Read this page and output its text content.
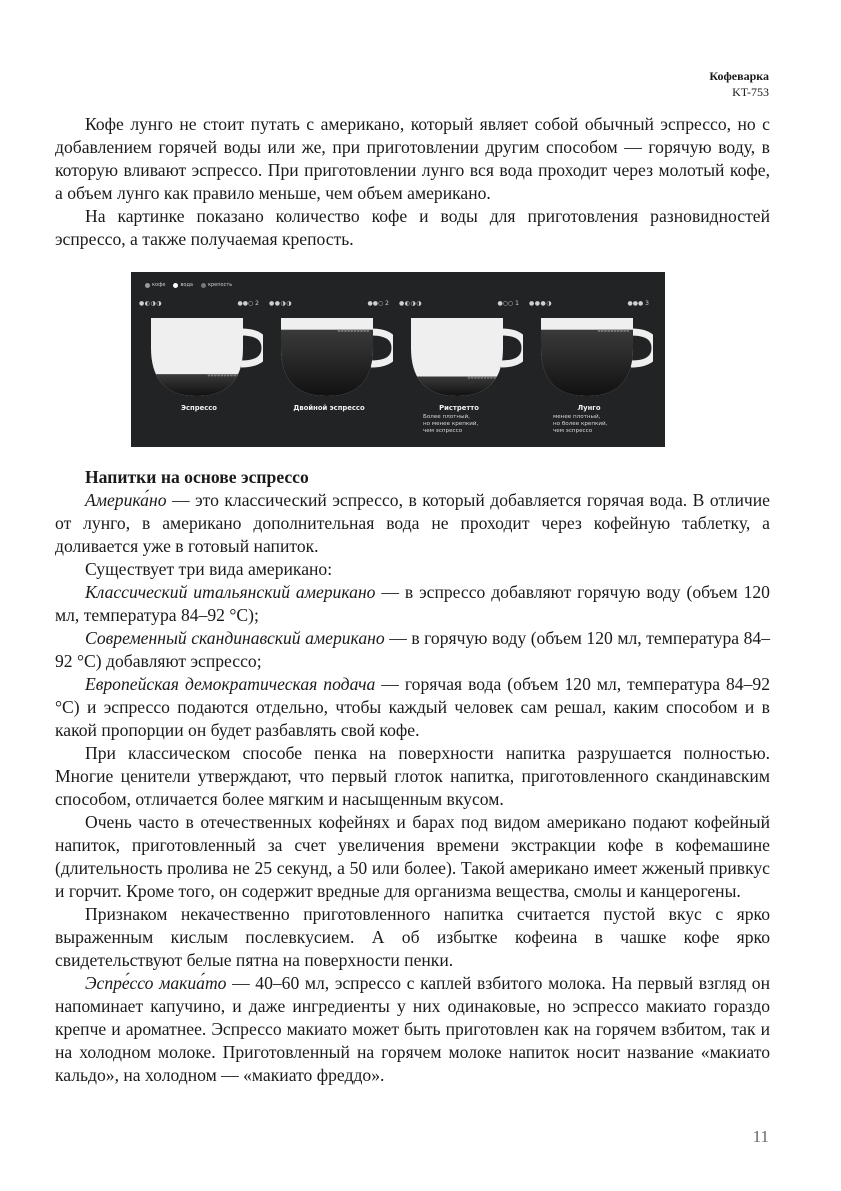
Кофеварка
KT-753

Кофе лунго не стоит путать с американо, который являет собой обычный эспрессо, но с добавлением горячей воды или же, при приготовлении другим способом — горячую воду, в которую вливают эспрессо. При приготовлении лунго вся вода проходит через молотый кофе, а объем лунго как правило меньше, чем объем американо.

На картинке показано количество кофе и воды для приготовления разновидностей эспрессо, а также получаемая крепость.

кофе	вода	крепость
●◐◑◑	●●○ 2
Эспрессо
●●◑◑	●●○ 2
Двойной эспрессо
●◐◑◑	●○○ 1
Ристретто
Более плотный,
но менее крепкий,
чем эспрессо
●●●◑	●●● 3
Лунго
менее плотный,
но более крепкий,
чем эспрессо

Напитки на основе эспрессо

Америка́но — это классический эспрессо, в который добавляется горячая вода. В отличие от лунго, в американо дополнительная вода не проходит через кофейную таблетку, а доливается уже в готовый напиток.

Существует три вида американо:

Классический итальянский американо — в эспрессо добавляют горячую воду (объем 120 мл, температура 84–92 °С);

Современный скандинавский американо — в горячую воду (объем 120 мл, температура 84–92 °С) добавляют эспрессо;

Европейская демократическая подача — горячая вода (объем 120 мл, температура 84–92 °С) и эспрессо подаются отдельно, чтобы каждый человек сам решал, каким способом и в какой пропорции он будет разбавлять свой кофе.

При классическом способе пенка на поверхности напитка разрушается полностью. Многие ценители утверждают, что первый глоток напитка, приготовленного скандинавским способом, отличается более мягким и насыщенным вкусом.

Очень часто в отечественных кофейнях и барах под видом американо подают кофейный напиток, приготовленный за счет увеличения времени экстракции кофе в кофемашине (длительность пролива не 25 секунд, а 50 или более). Такой американо имеет жженый привкус и горчит. Кроме того, он содержит вредные для организма вещества, смолы и канцерогены.

Признаком некачественно приготовленного напитка считается пустой вкус с ярко выраженным кислым послевкусием. А об избытке кофеина в чашке кофе ярко свидетельствуют белые пятна на поверхности пенки.

Эспре́ссо макиа́то — 40–60 мл, эспрессо с каплей взбитого молока. На первый взгляд он напоминает капучино, и даже ингредиенты у них одинаковые, но эспрессо макиато гораздо крепче и ароматнее. Эспрессо макиато может быть приготовлен как на горячем взбитом, так и на холодном молоке. Приготовленный на горячем молоке напиток носит название «макиато кальдо», на холодном — «макиато фреддо».

11
